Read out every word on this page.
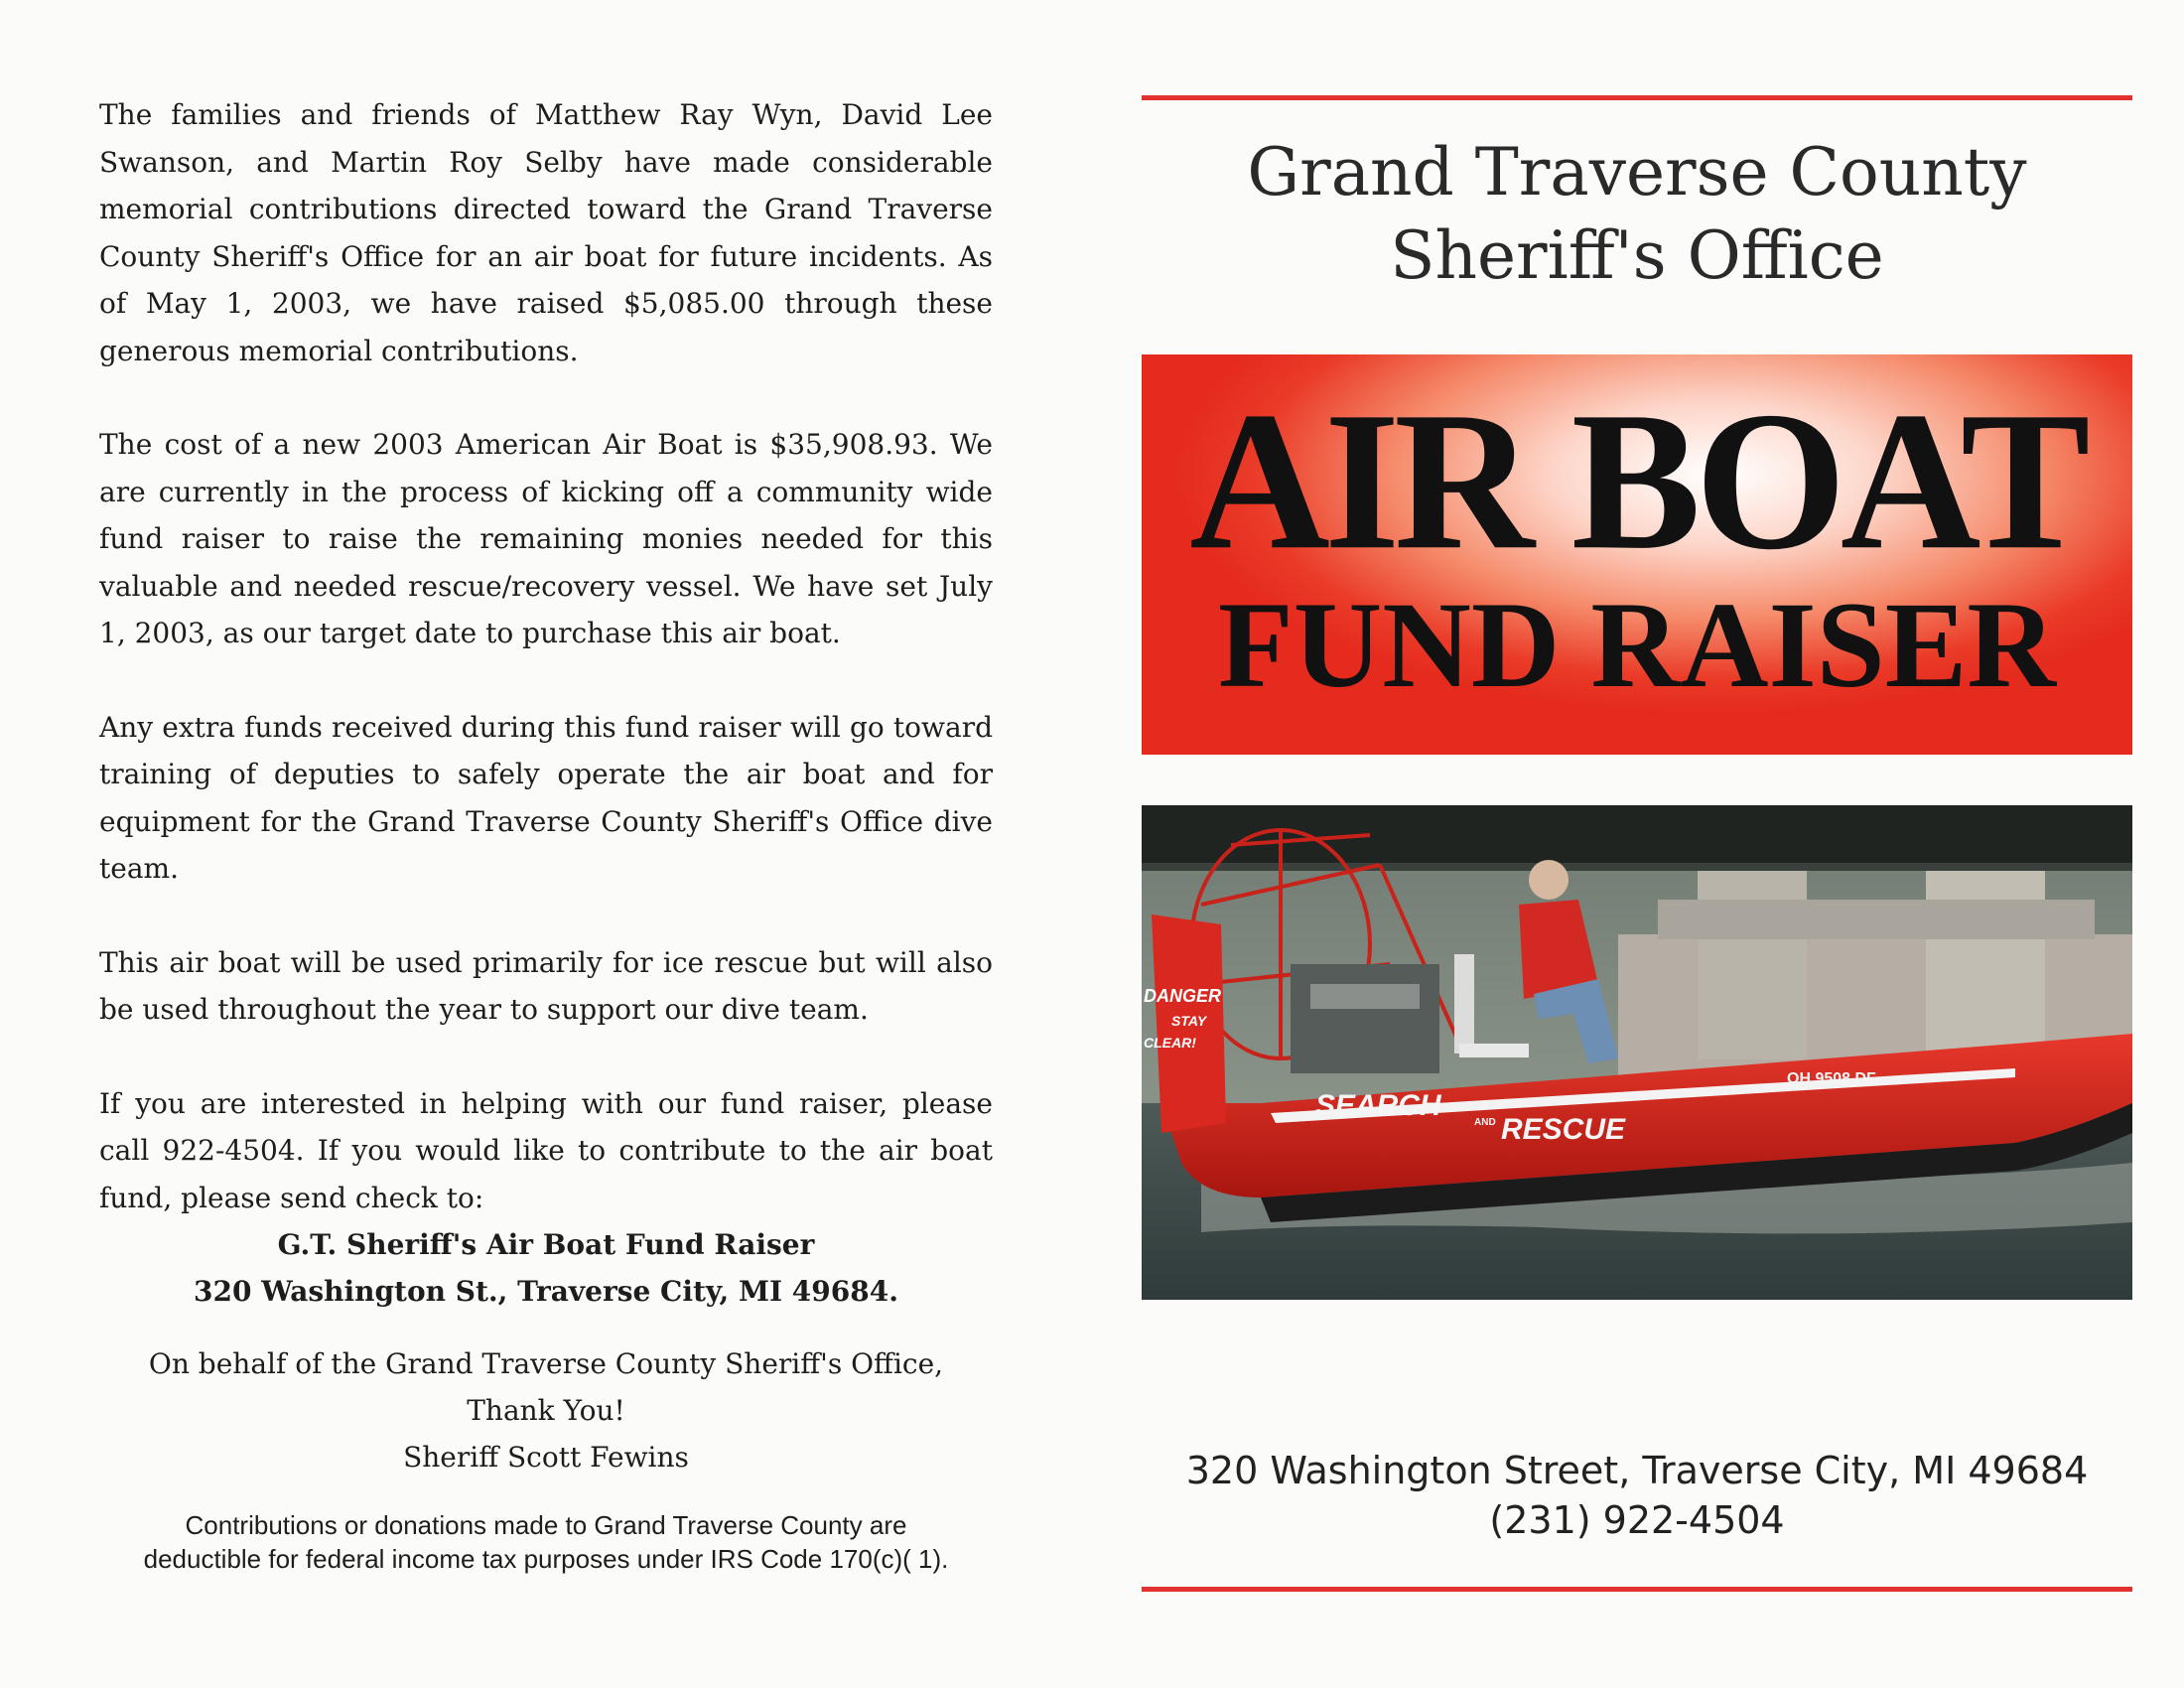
The families and friends of Matthew Ray Wyn, David Lee Swanson, and Martin Roy Selby have made considerable memorial contributions directed toward the Grand Traverse County Sheriff's Office for an air boat for future incidents. As of May 1, 2003, we have raised $5,085.00 through these generous memorial contributions.

The cost of a new 2003 American Air Boat is $35,908.93. We are currently in the process of kicking off a community wide fund raiser to raise the remaining monies needed for this valuable and needed rescue/recovery vessel. We have set July 1, 2003, as our target date to purchase this air boat.

Any extra funds received during this fund raiser will go toward training of deputies to safely operate the air boat and for equipment for the Grand Traverse County Sheriff's Office dive team.

This air boat will be used primarily for ice rescue but will also be used throughout the year to support our dive team.

If you are interested in helping with our fund raiser, please call 922-4504. If you would like to contribute to the air boat fund, please send check to:

G.T. Sheriff's Air Boat Fund Raiser
320 Washington St., Traverse City, MI 49684.
On behalf of the Grand Traverse County Sheriff's Office,
Thank You!
Sheriff Scott Fewins
Contributions or donations made to Grand Traverse County are
deductible for federal income tax purposes under IRS Code 170(c)( 1).
Grand Traverse County
Sheriff's Office
AIR BOAT
FUND RAISER
SEARCH
AND RESCUE
OH 9508 DF
DANGER
STAY
CLEAR!
320 Washington Street, Traverse City, MI 49684
(231) 922-4504
